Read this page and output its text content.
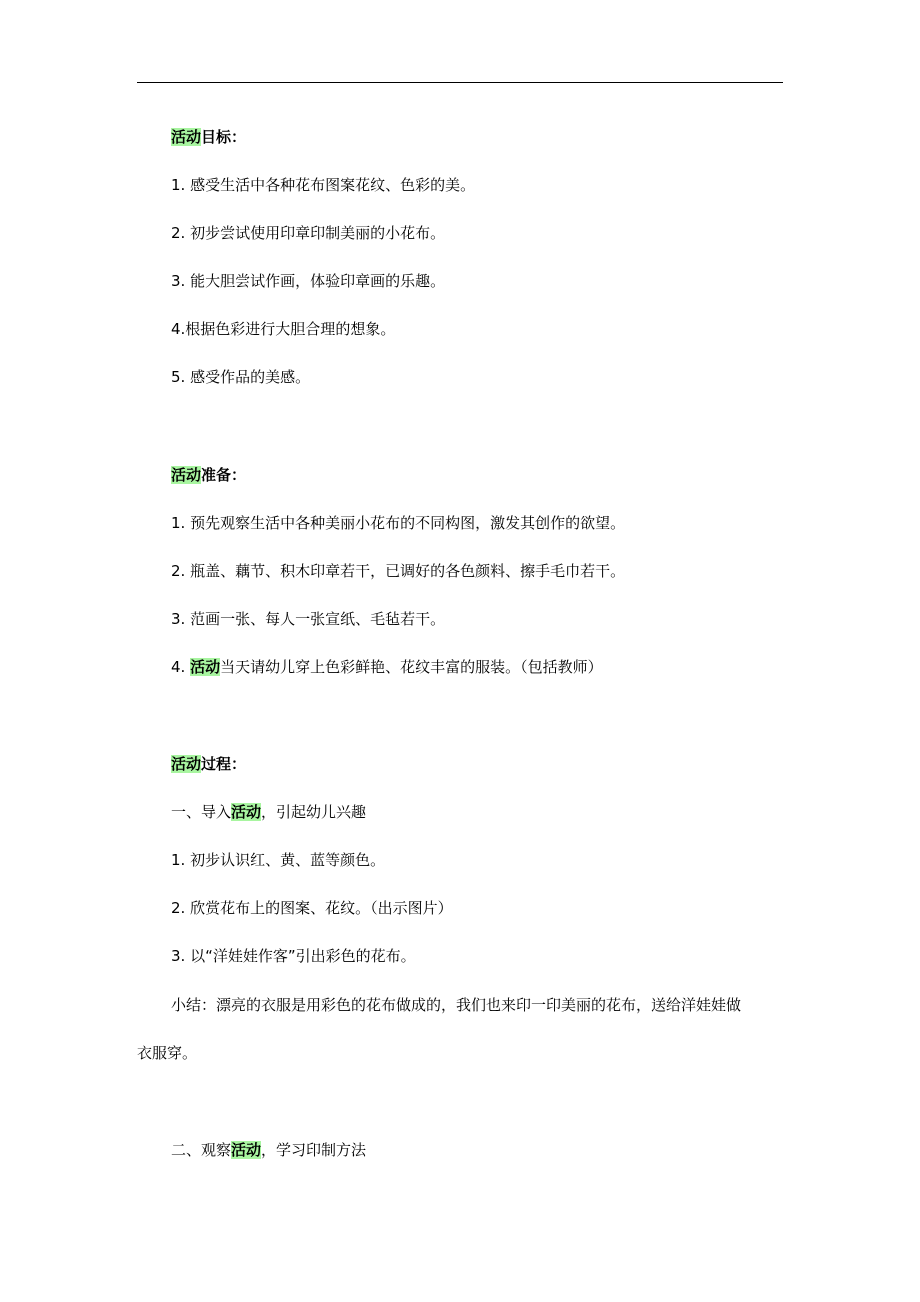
活动目标：
1. 感受生活中各种花布图案花纹、色彩的美。
2. 初步尝试使用印章印制美丽的小花布。
3. 能大胆尝试作画，体验印章画的乐趣。
4.根据色彩进行大胆合理的想象。
5. 感受作品的美感。
活动准备：
1. 预先观察生活中各种美丽小花布的不同构图，激发其创作的欲望。
2. 瓶盖、藕节、积木印章若干，已调好的各色颜料、擦手毛巾若干。
3. 范画一张、每人一张宣纸、毛毡若干。
4. 活动当天请幼儿穿上色彩鲜艳、花纹丰富的服装。（包括教师）
活动过程：
一、导入活动，引起幼儿兴趣
1. 初步认识红、黄、蓝等颜色。
2. 欣赏花布上的图案、花纹。（出示图片）
3. 以“洋娃娃作客”引出彩色的花布。
小结：漂亮的衣服是用彩色的花布做成的，我们也来印一印美丽的花布，送给洋娃娃做
衣服穿。
二、观察活动，学习印制方法
